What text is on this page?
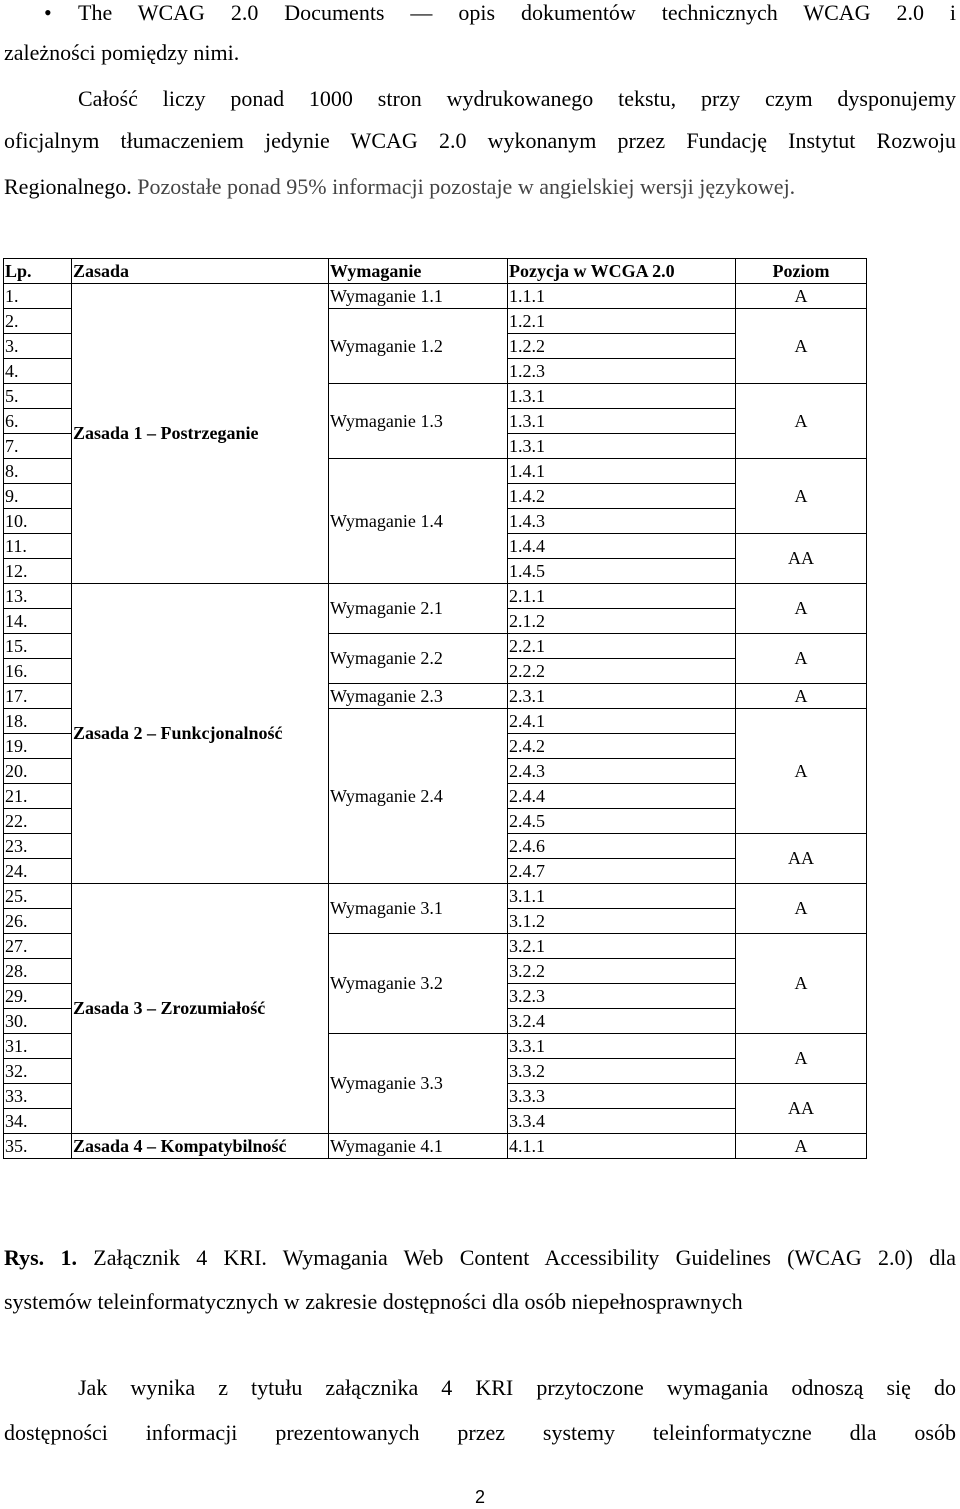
• The WCAG 2.0 Documents — opis dokumentów technicznych WCAG 2.0 i
zależności pomiędzy nimi.
Całość liczy ponad 1000 stron wydrukowanego tekstu, przy czym dysponujemy
oficjalnym tłumaczeniem jedynie WCAG 2.0 wykonanym przez Fundację Instytut Rozwoju
Regionalnego. Pozostałe ponad 95% informacji pozostaje w angielskiej wersji językowej.
Lp.	Zasada	Wymaganie	Pozycja w WCGA 2.0	Poziom
1.	Zasada 1 – Postrzeganie	Wymaganie 1.1	1.1.1	A
2.		Wymaganie 1.2	1.2.1	A
3.			1.2.2	
4.			1.2.3	
5.		Wymaganie 1.3	1.3.1	A
6.			1.3.1	
7.			1.3.1	
8.		Wymaganie 1.4	1.4.1	A
9.			1.4.2	
10.			1.4.3	
11.			1.4.4	AA
12.			1.4.5	
13.	Zasada 2 – Funkcjonalność	Wymaganie 2.1	2.1.1	A
14.			2.1.2	
15.		Wymaganie 2.2	2.2.1	A
16.			2.2.2	
17.		Wymaganie 2.3	2.3.1	A
18.		Wymaganie 2.4	2.4.1	A
19.			2.4.2	
20.			2.4.3	
21.			2.4.4	
22.			2.4.5	
23.			2.4.6	AA
24.			2.4.7	
25.	Zasada 3 – Zrozumiałość	Wymaganie 3.1	3.1.1	A
26.			3.1.2	
27.		Wymaganie 3.2	3.2.1	A
28.			3.2.2	
29.			3.2.3	
30.			3.2.4	
31.		Wymaganie 3.3	3.3.1	A
32.			3.3.2	
33.			3.3.3	AA
34.			3.3.4	
35.	Zasada 4 – Kompatybilność	Wymaganie 4.1	4.1.1	A
Rys. 1. Załącznik 4 KRI. Wymagania Web Content Accessibility Guidelines (WCAG 2.0) dla
systemów teleinformatycznych w zakresie dostępności dla osób niepełnosprawnych
Jak wynika z tytułu załącznika 4 KRI przytoczone wymagania odnoszą się do
dostępności informacji prezentowanych przez systemy teleinformatyczne dla osób
2
